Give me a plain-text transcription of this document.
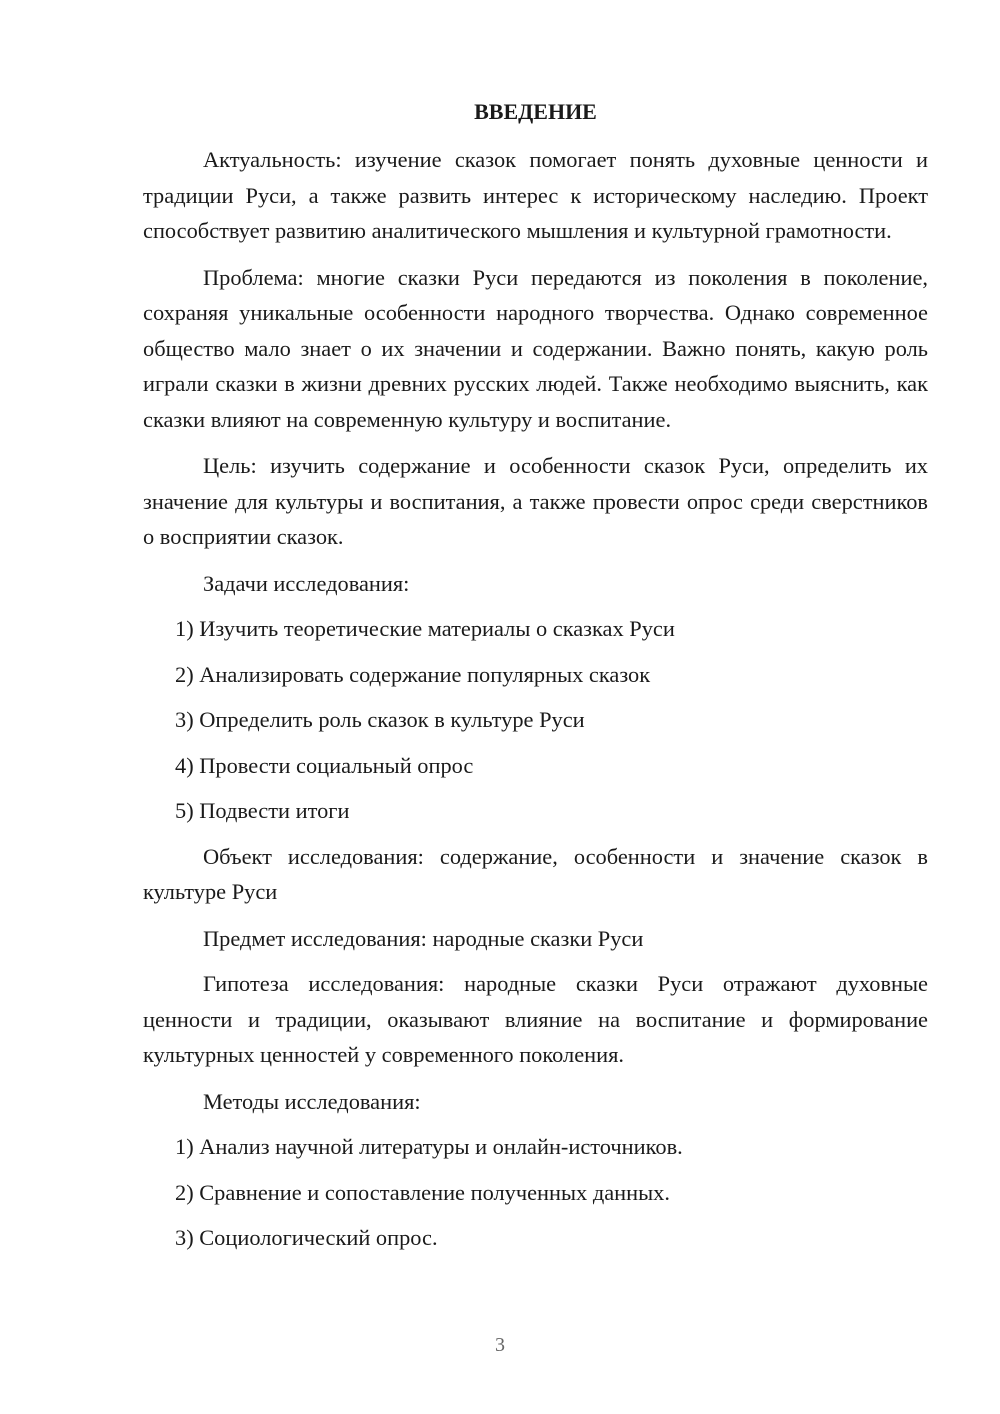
ВВЕДЕНИЕ

Актуальность: изучение сказок помогает понять духовные ценности и традиции Руси, а также развить интерес к историческому наследию. Проект способствует развитию аналитического мышления и культурной грамотности.

Проблема: многие сказки Руси передаются из поколения в поколение, сохраняя уникальные особенности народного творчества. Однако современное общество мало знает о их значении и содержании. Важно понять, какую роль играли сказки в жизни древних русских людей. Также необходимо выяснить, как сказки влияют на современную культуру и воспитание.

Цель: изучить содержание и особенности сказок Руси, определить их значение для культуры и воспитания, а также провести опрос среди сверстников о восприятии сказок.

Задачи исследования:

1) Изучить теоретические материалы о сказках Руси

2) Анализировать содержание популярных сказок

3) Определить роль сказок в культуре Руси

4) Провести социальный опрос

5) Подвести итоги

Объект исследования: содержание, особенности и значение сказок в культуре Руси

Предмет исследования: народные сказки Руси

Гипотеза исследования: народные сказки Руси отражают духовные ценности и традиции, оказывают влияние на воспитание и формирование культурных ценностей у современного поколения.

Методы исследования:

1) Анализ научной литературы и онлайн-источников.

2) Сравнение и сопоставление полученных данных.

3) Социологический опрос.

3
